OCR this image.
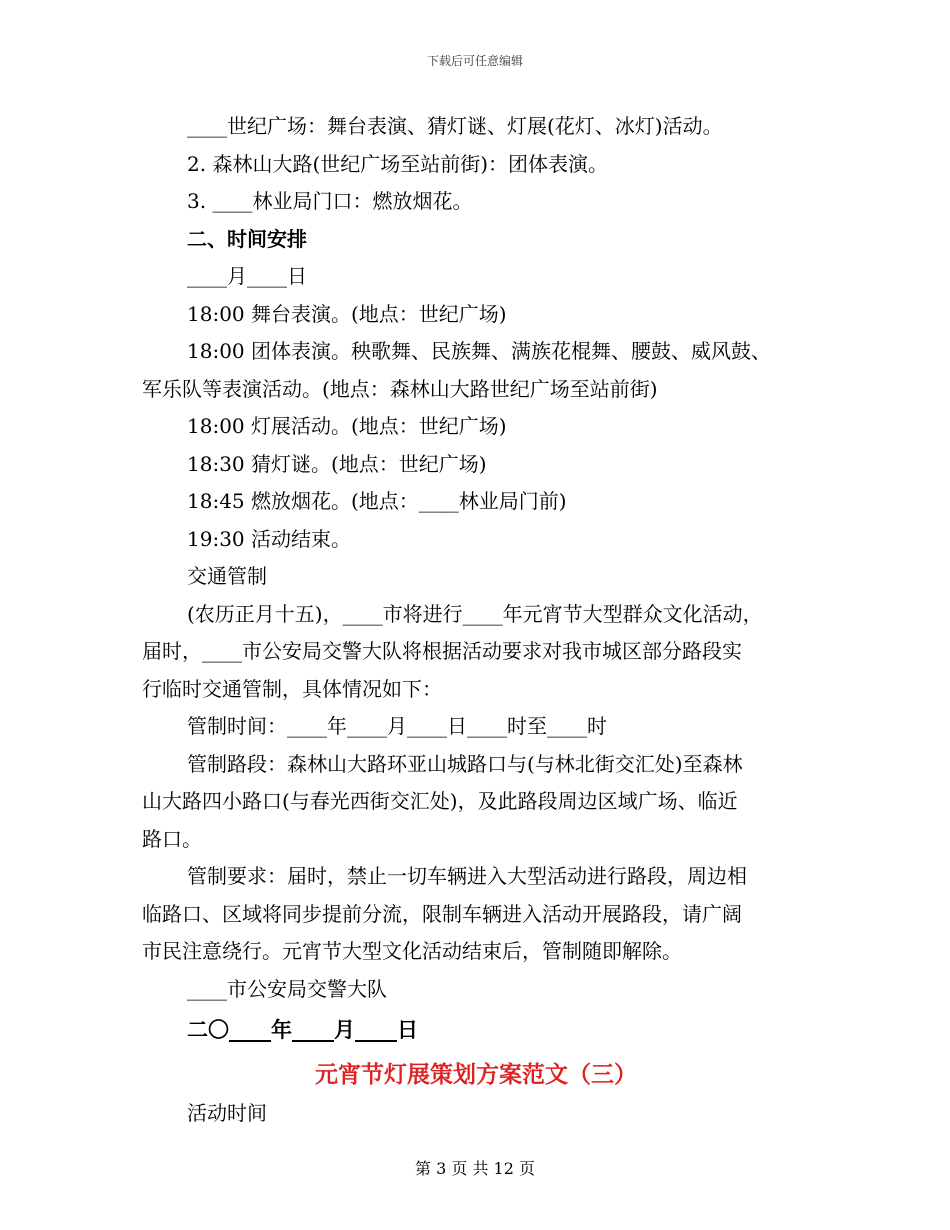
下载后可任意编辑

____世纪广场：舞台表演、猜灯谜、灯展(花灯、冰灯)活动。

2. 森林山大路(世纪广场至站前街)：团体表演。

3. ____林业局门口：燃放烟花。

二、时间安排

____月____日

18:00 舞台表演。(地点：世纪广场)

18:00 团体表演。秧歌舞、民族舞、满族花棍舞、腰鼓、威风鼓、

军乐队等表演活动。(地点：森林山大路世纪广场至站前街)

18:00 灯展活动。(地点：世纪广场)

18:30 猜灯谜。(地点：世纪广场)

18:45 燃放烟花。(地点：____林业局门前)

19:30 活动结束。

交通管制

(农历正月十五)，____市将进行____年元宵节大型群众文化活动，

届时，____市公安局交警大队将根据活动要求对我市城区部分路段实

行临时交通管制，具体情况如下：

管制时间：____年____月____日____时至____时

管制路段：森林山大路环亚山城路口与(与林北街交汇处)至森林

山大路四小路口(与春光西街交汇处)，及此路段周边区域广场、临近

路口。

管制要求：届时，禁止一切车辆进入大型活动进行路段，周边相

临路口、区域将同步提前分流，限制车辆进入活动开展路段，请广阔

市民注意绕行。元宵节大型文化活动结束后，管制随即解除。

____市公安局交警大队

二〇____年____月____日
元宵节灯展策划方案范文（三）

活动时间

第 3 页 共 12 页
